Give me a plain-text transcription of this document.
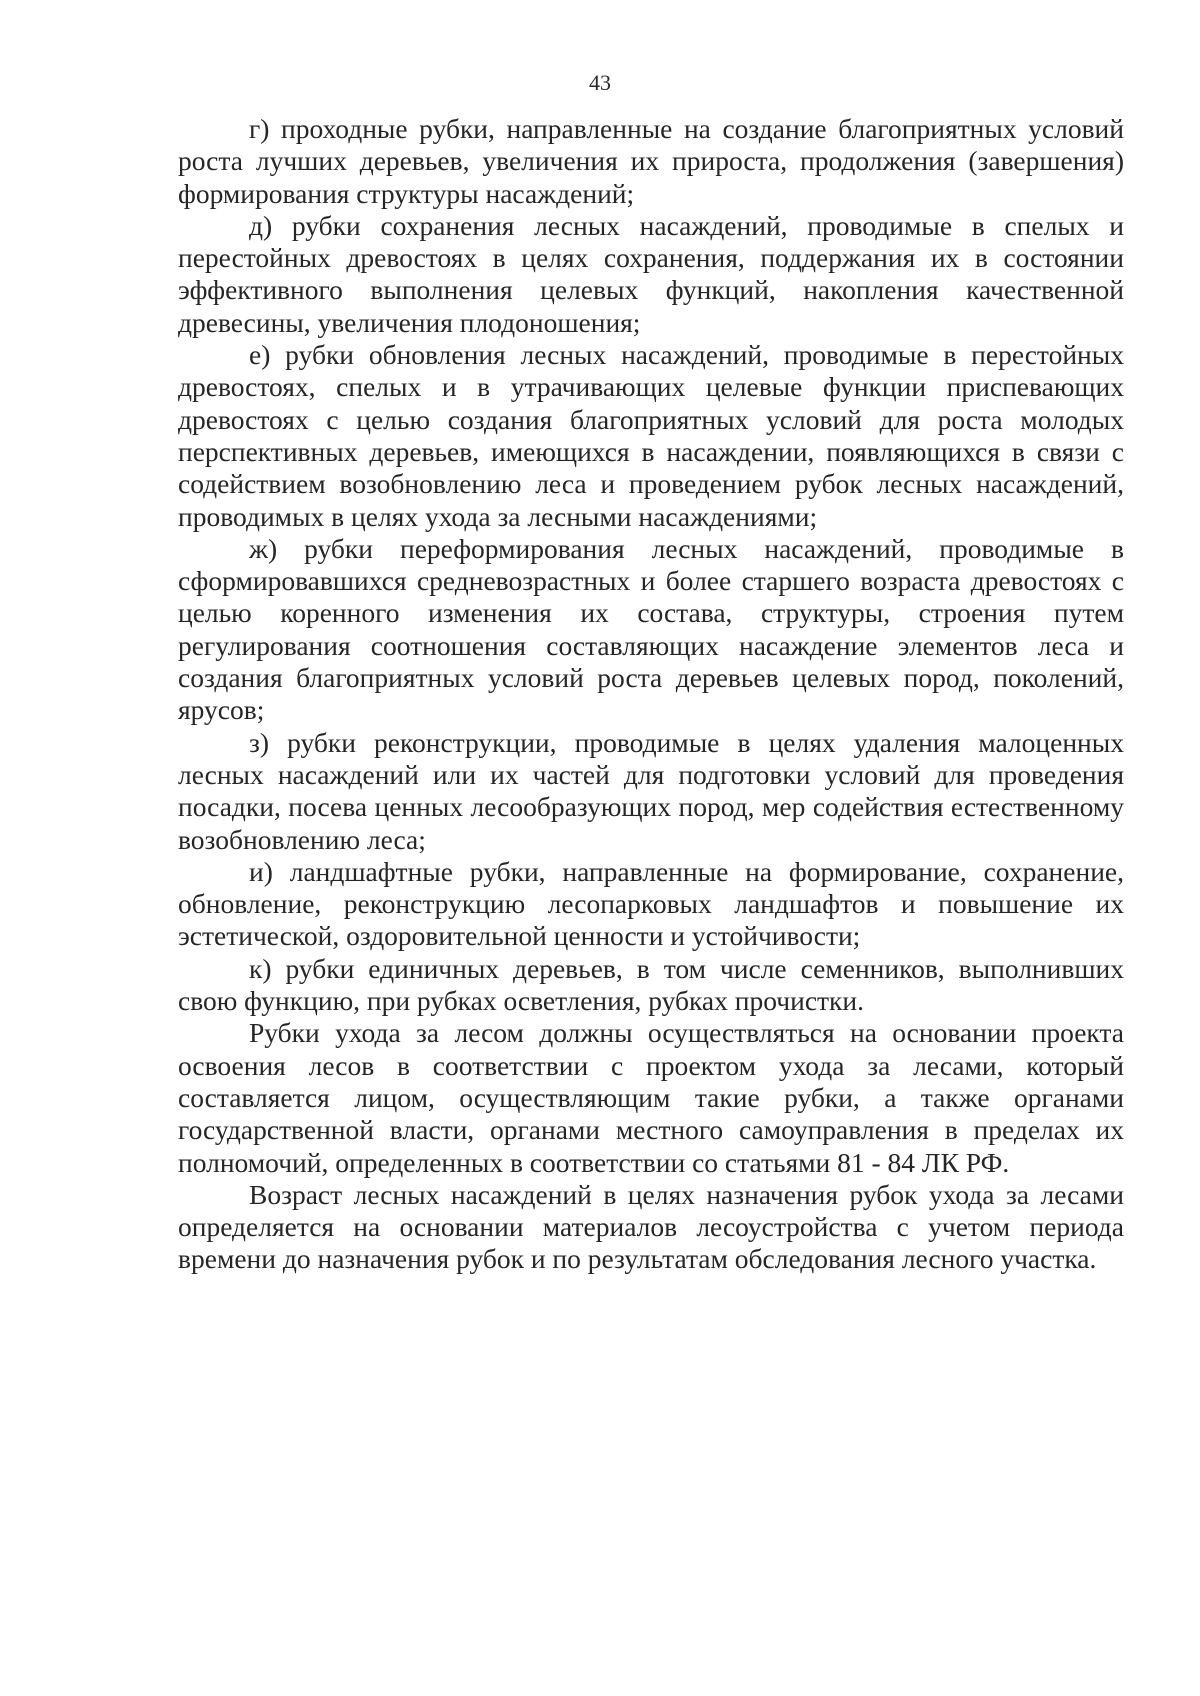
43

г) проходные рубки, направленные на создание благоприятных условий роста лучших деревьев, увеличения их прироста, продолжения (завершения) формирования структуры насаждений;

д) рубки сохранения лесных насаждений, проводимые в спелых и перестойных древостоях в целях сохранения, поддержания их в состоянии эффективного выполнения целевых функций, накопления качественной древесины, увеличения плодоношения;

е) рубки обновления лесных насаждений, проводимые в перестойных древостоях, спелых и в утрачивающих целевые функции приспевающих древостоях с целью создания благоприятных условий для роста молодых перспективных деревьев, имеющихся в насаждении, появляющихся в связи с содействием возобновлению леса и проведением рубок лесных насаждений, проводимых в целях ухода за лесными насаждениями;

ж) рубки переформирования лесных насаждений, проводимые в сформировавшихся средневозрастных и более старшего возраста древостоях с целью коренного изменения их состава, структуры, строения путем регулирования соотношения составляющих насаждение элементов леса и создания благоприятных условий роста деревьев целевых пород, поколений, ярусов;

з) рубки реконструкции, проводимые в целях удаления малоценных лесных насаждений или их частей для подготовки условий для проведения посадки, посева ценных лесообразующих пород, мер содействия естественному возобновлению леса;

и) ландшафтные рубки, направленные на формирование, сохранение, обновление, реконструкцию лесопарковых ландшафтов и повышение их эстетической, оздоровительной ценности и устойчивости;

к) рубки единичных деревьев, в том числе семенников, выполнивших свою функцию, при рубках осветления, рубках прочистки.

Рубки ухода за лесом должны осуществляться на основании проекта освоения лесов в соответствии с проектом ухода за лесами, который составляется лицом, осуществляющим такие рубки, а также органами государственной власти, органами местного самоуправления в пределах их полномочий, определенных в соответствии со статьями 81 - 84 ЛК РФ.

Возраст лесных насаждений в целях назначения рубок ухода за лесами определяется на основании материалов лесоустройства с учетом периода времени до назначения рубок и по результатам обследования лесного участка.
